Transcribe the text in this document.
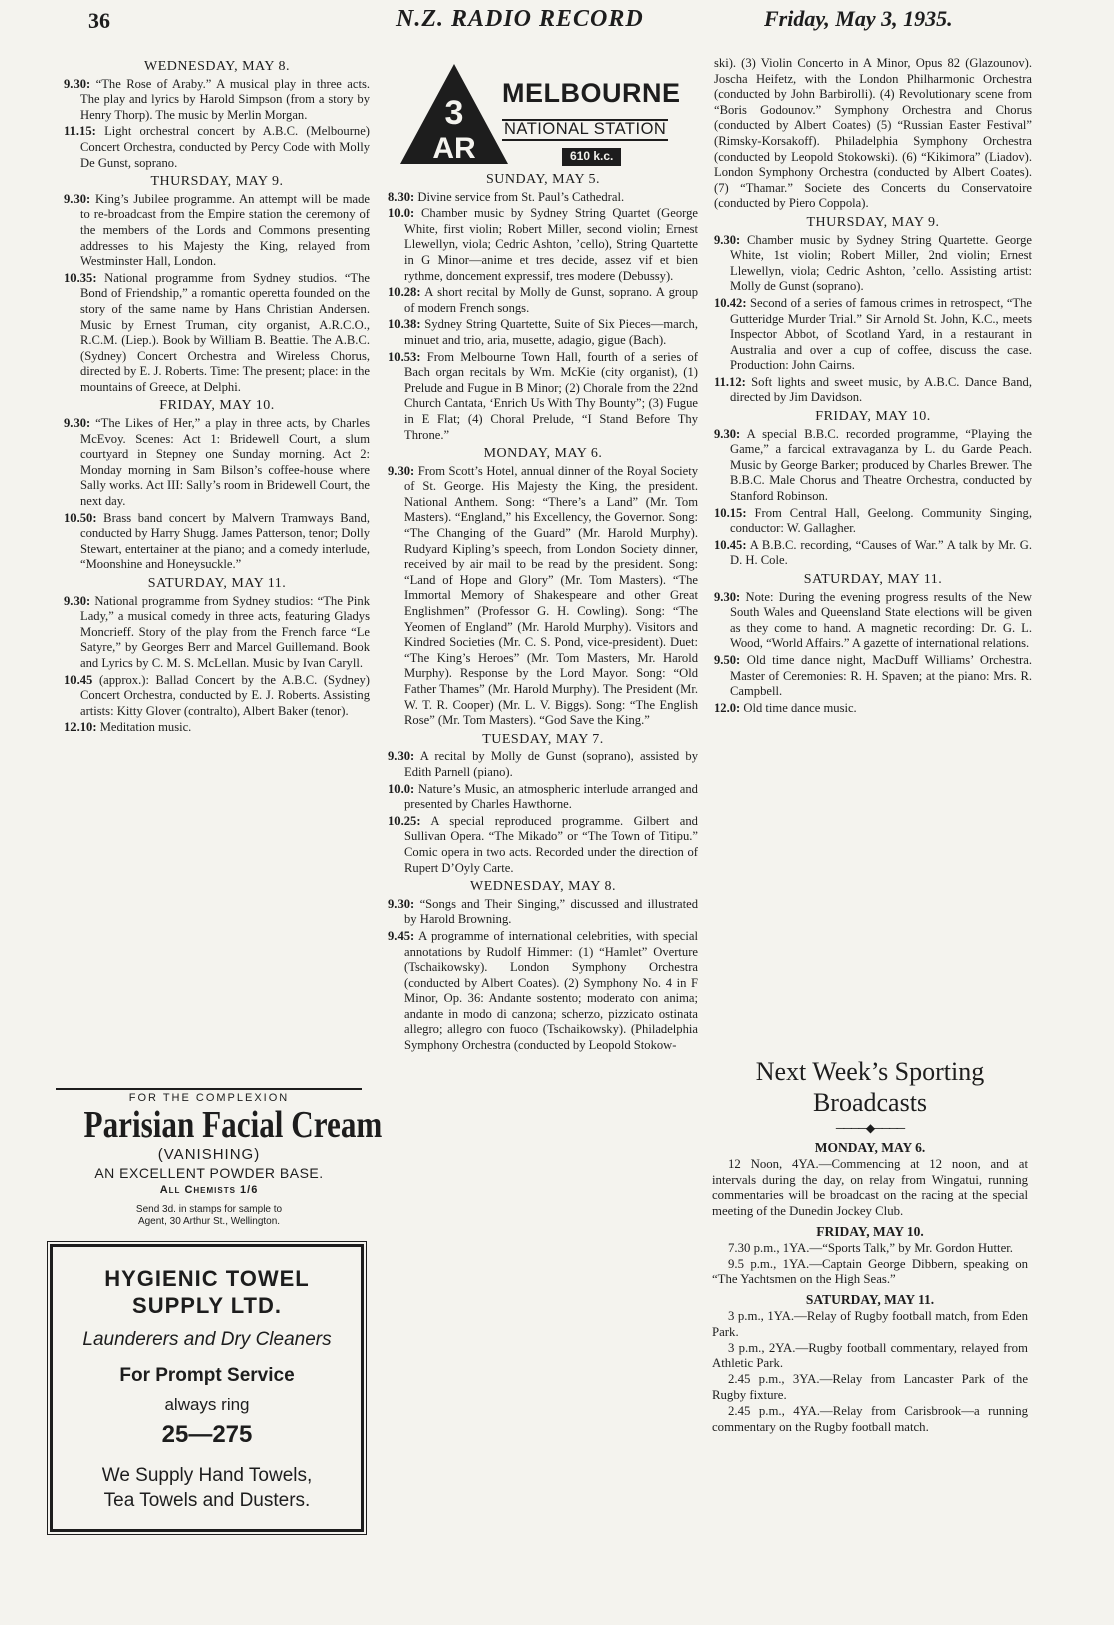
36	N.Z. RADIO RECORD	Friday, May 3, 1935.
WEDNESDAY, MAY 8.

9.30: “The Rose of Araby.” A musical play in three acts. The play and lyrics by Harold Simpson (from a story by Henry Thorp). The music by Merlin Morgan.

11.15: Light orchestral concert by A.B.C. (Melbourne) Concert Orchestra, conducted by Percy Code with Molly De Gunst, soprano.

THURSDAY, MAY 9.

9.30: King’s Jubilee programme. An attempt will be made to re-broadcast from the Empire station the ceremony of the members of the Lords and Commons presenting addresses to his Majesty the King, relayed from Westminster Hall, London.

10.35: National programme from Sydney studios. “The Bond of Friendship,” a romantic operetta founded on the story of the same name by Hans Christian Andersen. Music by Ernest Truman, city organist, A.R.C.O., R.C.M. (Liep.). Book by William B. Beattie. The A.B.C. (Sydney) Concert Orchestra and Wireless Chorus, directed by E. J. Roberts. Time: The present; place: in the mountains of Greece, at Delphi.

FRIDAY, MAY 10.

9.30: “The Likes of Her,” a play in three acts, by Charles McEvoy. Scenes: Act 1: Bridewell Court, a slum courtyard in Stepney one Sunday morning. Act 2: Monday morning in Sam Bilson’s coffee-house where Sally works. Act III: Sally’s room in Bridewell Court, the next day.

10.50: Brass band concert by Malvern Tramways Band, conducted by Harry Shugg. James Patterson, tenor; Dolly Stewart, entertainer at the piano; and a comedy interlude, “Moonshine and Honeysuckle.”

SATURDAY, MAY 11.

9.30: National programme from Sydney studios: “The Pink Lady,” a musical comedy in three acts, featuring Gladys Moncrieff. Story of the play from the French farce “Le Satyre,” by Georges Berr and Marcel Guillemand. Book and Lyrics by C. M. S. McLellan. Music by Ivan Caryll.

10.45 (approx.): Ballad Concert by the A.B.C. (Sydney) Concert Orchestra, conducted by E. J. Roberts. Assisting artists: Kitty Glover (contralto), Albert Baker (tenor).

12.10: Meditation music.

3
AR
MELBOURNE
NATIONAL STATION
610 k.c.
SUNDAY, MAY 5.

8.30: Divine service from St. Paul’s Cathedral.

10.0: Chamber music by Sydney String Quartet (George White, first violin; Robert Miller, second violin; Ernest Llewellyn, viola; Cedric Ashton, ’cello), String Quartette in G Minor—anime et tres decide, assez vif et bien rythme, doncement expressif, tres modere (Debussy).

10.28: A short recital by Molly de Gunst, soprano. A group of modern French songs.

10.38: Sydney String Quartette, Suite of Six Pieces—march, minuet and trio, aria, musette, adagio, gigue (Bach).

10.53: From Melbourne Town Hall, fourth of a series of Bach organ recitals by Wm. McKie (city organist), (1) Prelude and Fugue in B Minor; (2) Chorale from the 22nd Church Cantata, ‘Enrich Us With Thy Bounty”; (3) Fugue in E Flat; (4) Choral Prelude, “I Stand Before Thy Throne.”

MONDAY, MAY 6.

9.30: From Scott’s Hotel, annual dinner of the Royal Society of St. George. His Majesty the King, the president. National Anthem. Song: “There’s a Land” (Mr. Tom Masters). “England,” his Excellency, the Governor. Song: “The Changing of the Guard” (Mr. Harold Murphy). Rudyard Kipling’s speech, from London Society dinner, received by air mail to be read by the president. Song: “Land of Hope and Glory” (Mr. Tom Masters). “The Immortal Memory of Shakespeare and other Great Englishmen” (Professor G. H. Cowling). Song: “The Yeomen of England” (Mr. Harold Murphy). Visitors and Kindred Societies (Mr. C. S. Pond, vice-president). Duet: “The King’s Heroes” (Mr. Tom Masters, Mr. Harold Murphy). Response by the Lord Mayor. Song: “Old Father Thames” (Mr. Harold Murphy). The President (Mr. W. T. R. Cooper) (Mr. L. V. Biggs). Song: “The English Rose” (Mr. Tom Masters). “God Save the King.”

TUESDAY, MAY 7.

9.30: A recital by Molly de Gunst (soprano), assisted by Edith Parnell (piano).

10.0: Nature’s Music, an atmospheric interlude arranged and presented by Charles Hawthorne.

10.25: A special reproduced programme. Gilbert and Sullivan Opera. “The Mikado” or “The Town of Titipu.” Comic opera in two acts. Recorded under the direction of Rupert D’Oyly Carte.

WEDNESDAY, MAY 8.

9.30: “Songs and Their Singing,” discussed and illustrated by Harold Browning.

9.45: A programme of international celebrities, with special annotations by Rudolf Himmer: (1) “Hamlet” Overture (Tschaikowsky). London Symphony Orchestra (conducted by Albert Coates). (2) Symphony No. 4 in F Minor, Op. 36: Andante sostento; moderato con anima; andante in modo di canzona; scherzo, pizzicato ostinata allegro; allegro con fuoco (Tschaikowsky). (Philadelphia Symphony Orchestra (conducted by Leopold Stokow-

ski). (3) Violin Concerto in A Minor, Opus 82 (Glazounov). Joscha Heifetz, with the London Philharmonic Orchestra (conducted by John Barbirolli). (4) Revolutionary scene from “Boris Godounov.” Symphony Orchestra and Chorus (conducted by Albert Coates) (5) “Russian Easter Festival” (Rimsky-Korsakoff). Philadelphia Symphony Orchestra (conducted by Leopold Stokowski). (6) “Kikimora” (Liadov). London Symphony Orchestra (conducted by Albert Coates). (7) “Thamar.” Societe des Concerts du Conservatoire (conducted by Piero Coppola).

THURSDAY, MAY 9.

9.30: Chamber music by Sydney String Quartette. George White, 1st violin; Robert Miller, 2nd violin; Ernest Llewellyn, viola; Cedric Ashton, ’cello. Assisting artist: Molly de Gunst (soprano).

10.42: Second of a series of famous crimes in retrospect, “The Gutteridge Murder Trial.” Sir Arnold St. John, K.C., meets Inspector Abbot, of Scotland Yard, in a restaurant in Australia and over a cup of coffee, discuss the case. Production: John Cairns.

11.12: Soft lights and sweet music, by A.B.C. Dance Band, directed by Jim Davidson.

FRIDAY, MAY 10.

9.30: A special B.B.C. recorded programme, “Playing the Game,” a farcical extravaganza by L. du Garde Peach. Music by George Barker; produced by Charles Brewer. The B.B.C. Male Chorus and Theatre Orchestra, conducted by Stanford Robinson.

10.15: From Central Hall, Geelong. Community Singing, conductor: W. Gallagher.

10.45: A B.B.C. recording, “Causes of War.” A talk by Mr. G. D. H. Cole.

SATURDAY, MAY 11.

9.30: Note: During the evening progress results of the New South Wales and Queensland State elections will be given as they come to hand. A magnetic recording: Dr. G. L. Wood, “World Affairs.” A gazette of international relations.

9.50: Old time dance night, MacDuff Williams’ Orchestra. Master of Ceremonies: R. H. Spaven; at the piano: Mrs. R. Campbell.

12.0: Old time dance music.

Next Week’s Sporting Broadcasts
────◆────
MONDAY, MAY 6.

12 Noon, 4YA.—Commencing at 12 noon, and at intervals during the day, on relay from Wingatui, running commentaries will be broadcast on the racing at the special meeting of the Dunedin Jockey Club.

FRIDAY, MAY 10.

7.30 p.m., 1YA.—“Sports Talk,” by Mr. Gordon Hutter.

9.5 p.m., 1YA.—Captain George Dibbern, speaking on “The Yachtsmen on the High Seas.”

SATURDAY, MAY 11.

3 p.m., 1YA.—Relay of Rugby football match, from Eden Park.

3 p.m., 2YA.—Rugby football commentary, relayed from Athletic Park.

2.45 p.m., 3YA.—Relay from Lancaster Park of the Rugby fixture.

2.45 p.m., 4YA.—Relay from Carisbrook—a running commentary on the Rugby football match.

FOR THE COMPLEXION
Parisian Facial Cream
(VANISHING)
AN EXCELLENT POWDER BASE.
All Chemists 1/6
Send 3d. in stamps for sample to
Agent, 30 Arthur St., Wellington.
HYGIENIC TOWEL
SUPPLY LTD.
Launderers and Dry Cleaners
For Prompt Service
always ring
25—275
We Supply Hand Towels,
Tea Towels and Dusters.
